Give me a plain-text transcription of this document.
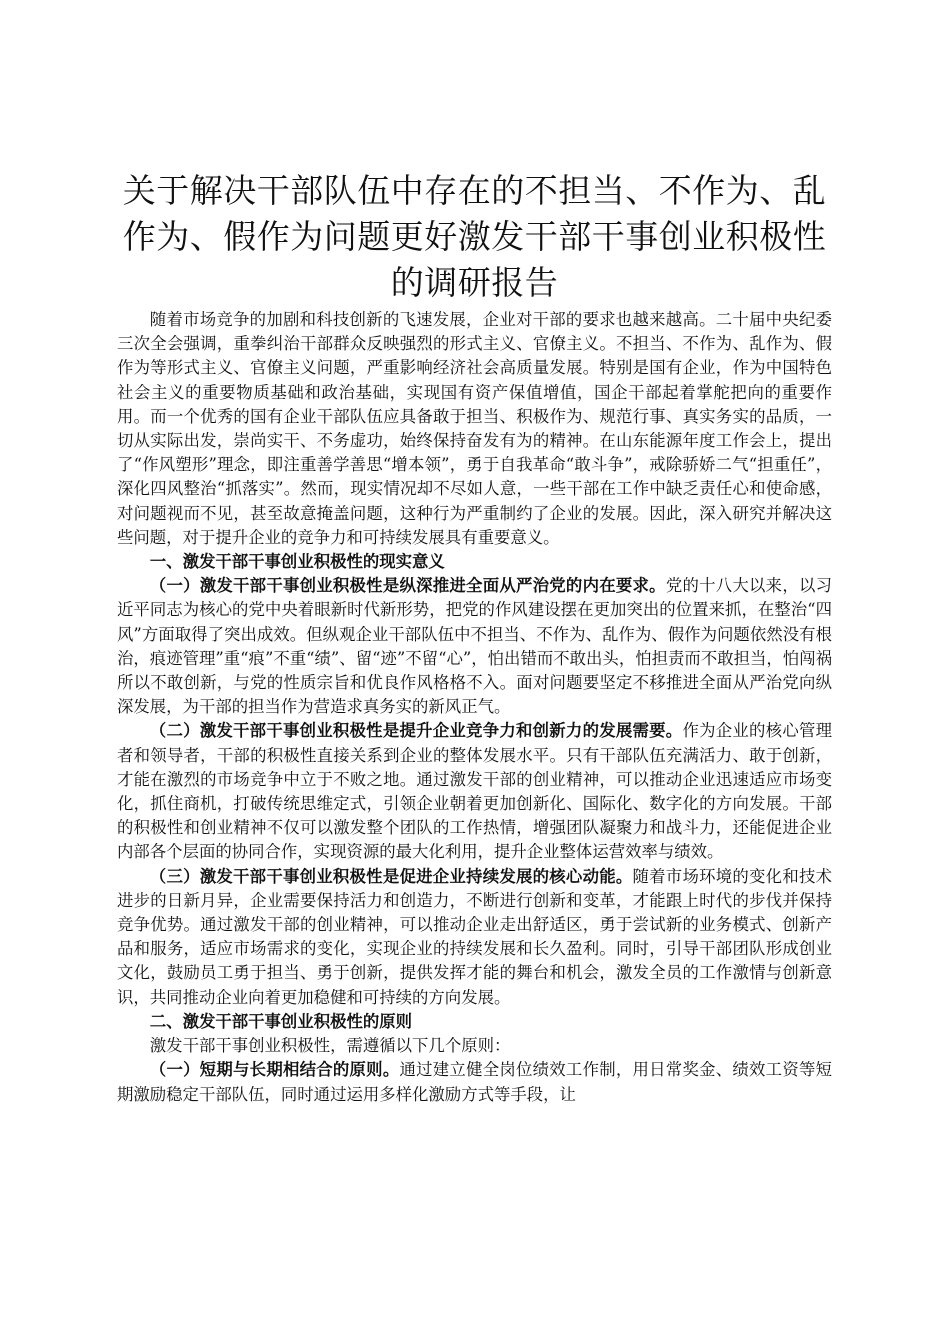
关于解决干部队伍中存在的不担当、不作为、乱作为、假作为问题更好激发干部干事创业积极性的调研报告

随着市场竞争的加剧和科技创新的飞速发展，企业对干部的要求也越来越高。二十届中央纪委三次全会强调，重拳纠治干部群众反映强烈的形式主义、官僚主义。不担当、不作为、乱作为、假作为等形式主义、官僚主义问题，严重影响经济社会高质量发展。特别是国有企业，作为中国特色社会主义的重要物质基础和政治基础，实现国有资产保值增值，国企干部起着掌舵把向的重要作用。而一个优秀的国有企业干部队伍应具备敢于担当、积极作为、规范行事、真实务实的品质，一切从实际出发，崇尚实干、不务虚功，始终保持奋发有为的精神。在山东能源年度工作会上，提出了“作风塑形”理念，即注重善学善思“增本领”，勇于自我革命“敢斗争”，戒除骄娇二气“担重任”，深化四风整治“抓落实”。然而，现实情况却不尽如人意，一些干部在工作中缺乏责任心和使命感，对问题视而不见，甚至故意掩盖问题，这种行为严重制约了企业的发展。因此，深入研究并解决这些问题，对于提升企业的竞争力和可持续发展具有重要意义。

一、激发干部干事创业积极性的现实意义

（一）激发干部干事创业积极性是纵深推进全面从严治党的内在要求。党的十八大以来，以习近平同志为核心的党中央着眼新时代新形势，把党的作风建设摆在更加突出的位置来抓，在整治“四风”方面取得了突出成效。但纵观企业干部队伍中不担当、不作为、乱作为、假作为问题依然没有根治，痕迹管理”重“痕”不重“绩”、留“迹”不留“心”，怕出错而不敢出头，怕担责而不敢担当，怕闯祸所以不敢创新，与党的性质宗旨和优良作风格格不入。面对问题要坚定不移推进全面从严治党向纵深发展，为干部的担当作为营造求真务实的新风正气。

（二）激发干部干事创业积极性是提升企业竞争力和创新力的发展需要。作为企业的核心管理者和领导者，干部的积极性直接关系到企业的整体发展水平。只有干部队伍充满活力、敢于创新，才能在激烈的市场竞争中立于不败之地。通过激发干部的创业精神，可以推动企业迅速适应市场变化，抓住商机，打破传统思维定式，引领企业朝着更加创新化、国际化、数字化的方向发展。干部的积极性和创业精神不仅可以激发整个团队的工作热情，增强团队凝聚力和战斗力，还能促进企业内部各个层面的协同合作，实现资源的最大化利用，提升企业整体运营效率与绩效。

（三）激发干部干事创业积极性是促进企业持续发展的核心动能。随着市场环境的变化和技术进步的日新月异，企业需要保持活力和创造力，不断进行创新和变革，才能跟上时代的步伐并保持竞争优势。通过激发干部的创业精神，可以推动企业走出舒适区，勇于尝试新的业务模式、创新产品和服务，适应市场需求的变化，实现企业的持续发展和长久盈利。同时，引导干部团队形成创业文化，鼓励员工勇于担当、勇于创新，提供发挥才能的舞台和机会，激发全员的工作激情与创新意识，共同推动企业向着更加稳健和可持续的方向发展。

二、激发干部干事创业积极性的原则

激发干部干事创业积极性，需遵循以下几个原则：

（一）短期与长期相结合的原则。通过建立健全岗位绩效工作制，用日常奖金、绩效工资等短期激励稳定干部队伍，同时通过运用多样化激励方式等手段，让
